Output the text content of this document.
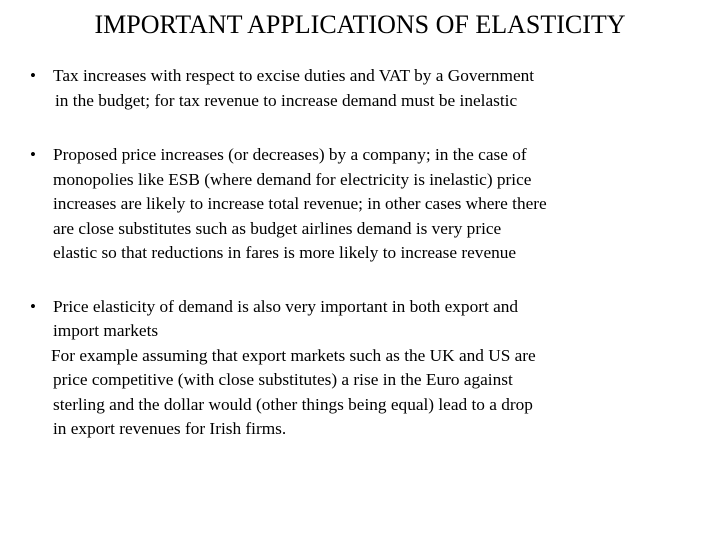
IMPORTANT APPLICATIONS OF ELASTICITY
• Tax increases with respect to excise duties and VAT by a Government
in the budget; for tax revenue to increase demand must be inelastic
• Proposed price increases (or decreases) by a company; in the case of
monopolies like ESB (where demand for electricity is inelastic) price
increases are likely to increase total revenue; in other cases where there
are close substitutes such as budget airlines demand is very price
elastic so that reductions in fares is more likely to increase revenue
• Price elasticity of demand is also very important in both export and
import markets
For example assuming that export markets such as the UK and US are
price competitive (with close substitutes) a rise in the Euro against
sterling and the dollar would (other things being equal) lead to a drop
in export revenues for Irish firms.
